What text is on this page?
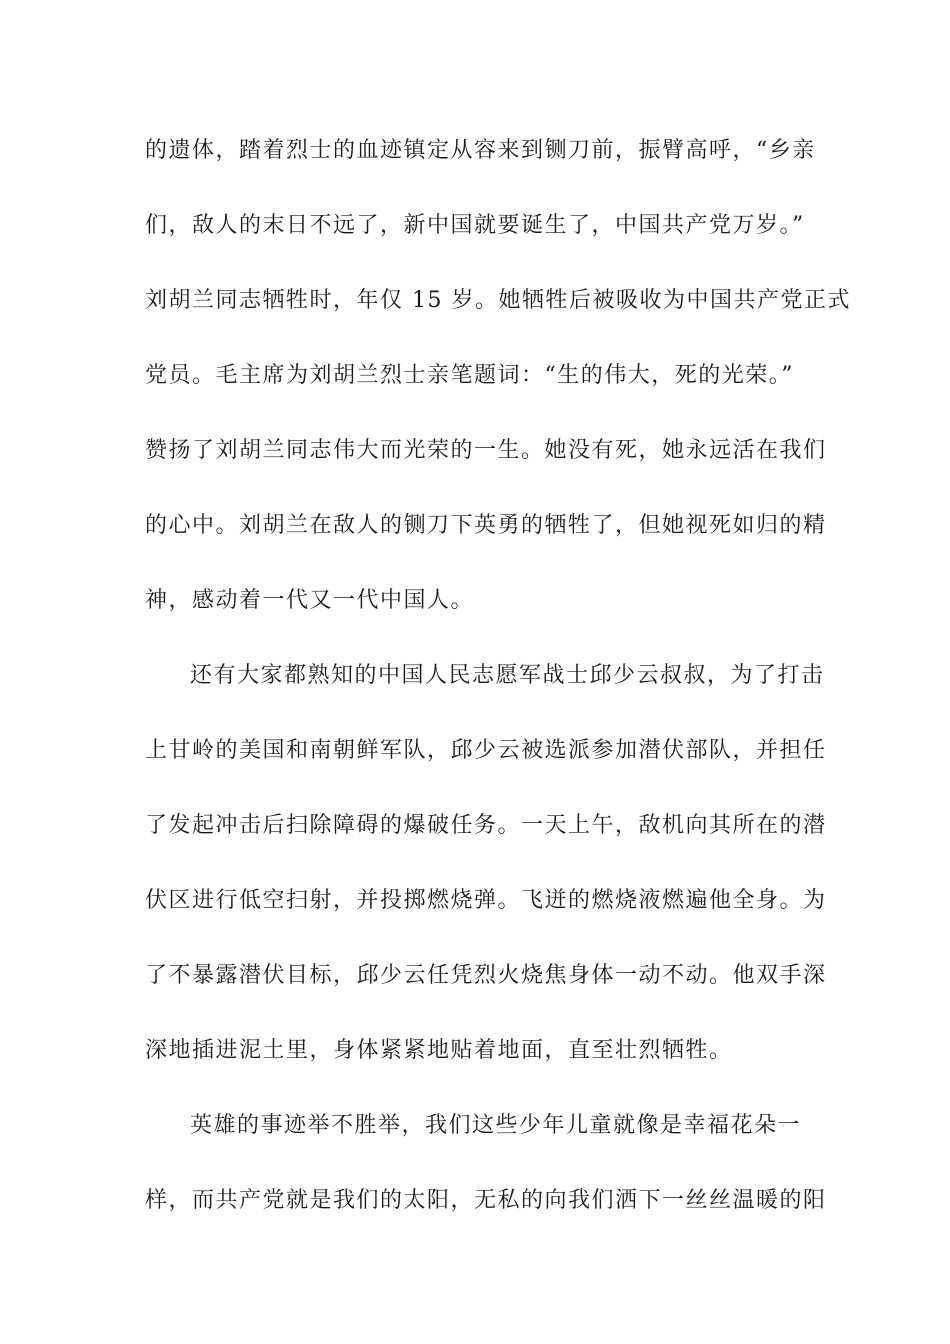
的遗体，踏着烈士的血迹镇定从容来到铡刀前，振臂高呼，“乡亲
们，敌人的末日不远了，新中国就要诞生了，中国共产党万岁。”
刘胡兰同志牺牲时，年仅 15 岁。她牺牲后被吸收为中国共产党正式
党员。毛主席为刘胡兰烈士亲笔题词：“生的伟大，死的光荣。”
赞扬了刘胡兰同志伟大而光荣的一生。她没有死，她永远活在我们
的心中。刘胡兰在敌人的铡刀下英勇的牺牲了，但她视死如归的精
神，感动着一代又一代中国人。
还有大家都熟知的中国人民志愿军战士邱少云叔叔，为了打击
上甘岭的美国和南朝鲜军队，邱少云被选派参加潜伏部队，并担任
了发起冲击后扫除障碍的爆破任务。一天上午，敌机向其所在的潜
伏区进行低空扫射，并投掷燃烧弹。飞迸的燃烧液燃遍他全身。为
了不暴露潜伏目标，邱少云任凭烈火烧焦身体一动不动。他双手深
深地插进泥土里，身体紧紧地贴着地面，直至壮烈牺牲。
英雄的事迹举不胜举，我们这些少年儿童就像是幸福花朵一
样，而共产党就是我们的太阳，无私的向我们洒下一丝丝温暖的阳
